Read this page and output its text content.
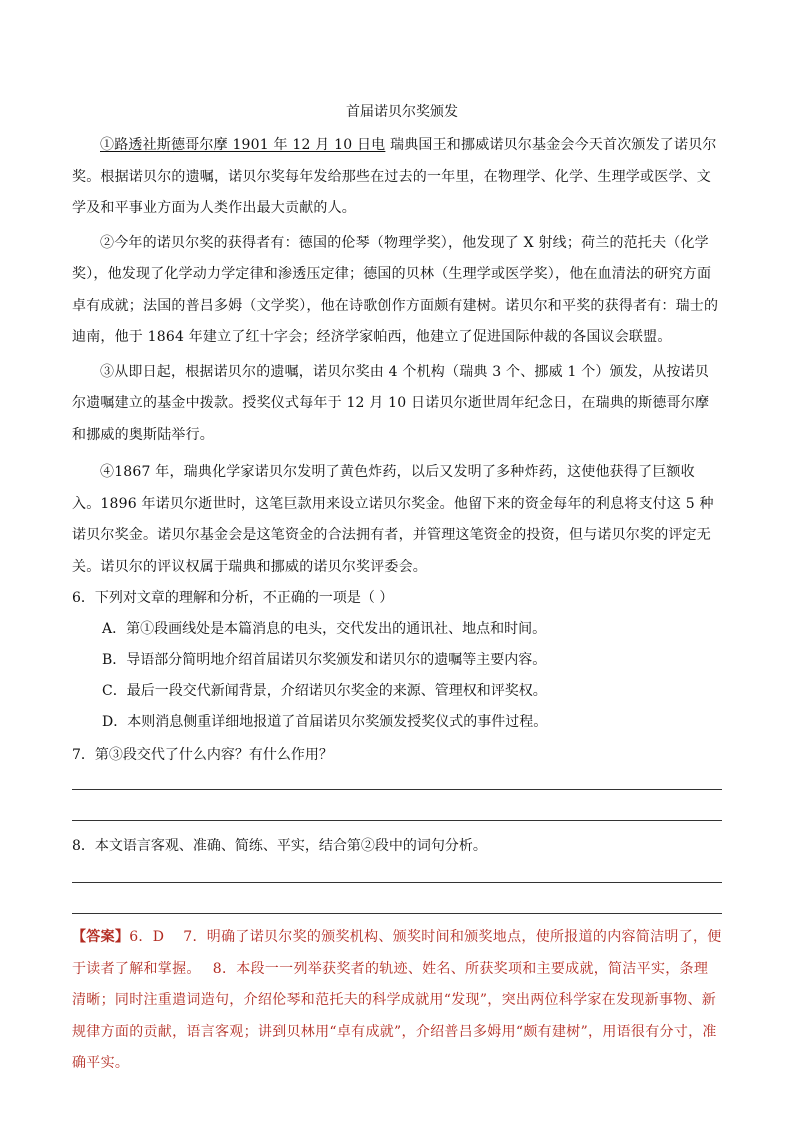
首届诺贝尔奖颁发

①路透社斯德哥尔摩 1901 年 12 月 10 日电 瑞典国王和挪威诺贝尔基金会今天首次颁发了诺贝尔奖。根据诺贝尔的遗嘱，诺贝尔奖每年发给那些在过去的一年里，在物理学、化学、生理学或医学、文学及和平事业方面为人类作出最大贡献的人。

②今年的诺贝尔奖的获得者有：德国的伦琴（物理学奖），他发现了 X 射线；荷兰的范托夫（化学奖），他发现了化学动力学定律和渗透压定律；德国的贝林（生理学或医学奖），他在血清法的研究方面卓有成就；法国的普吕多姆（文学奖），他在诗歌创作方面颇有建树。诺贝尔和平奖的获得者有：瑞士的迪南，他于 1864 年建立了红十字会；经济学家帕西，他建立了促进国际仲裁的各国议会联盟。

③从即日起，根据诺贝尔的遗嘱，诺贝尔奖由 4 个机构（瑞典 3 个、挪威 1 个）颁发，从按诺贝尔遗嘱建立的基金中拨款。授奖仪式每年于 12 月 10 日诺贝尔逝世周年纪念日，在瑞典的斯德哥尔摩和挪威的奥斯陆举行。

④1867 年，瑞典化学家诺贝尔发明了黄色炸药，以后又发明了多种炸药，这使他获得了巨额收入。1896 年诺贝尔逝世时，这笔巨款用来设立诺贝尔奖金。他留下来的资金每年的利息将支付这 5 种诺贝尔奖金。诺贝尔基金会是这笔资金的合法拥有者，并管理这笔资金的投资，但与诺贝尔奖的评定无关。诺贝尔的评议权属于瑞典和挪威的诺贝尔奖评委会。

6．下列对文章的理解和分析，不正确的一项是（ ）

A．第①段画线处是本篇消息的电头，交代发出的通讯社、地点和时间。

B．导语部分简明地介绍首届诺贝尔奖颁发和诺贝尔的遗嘱等主要内容。

C．最后一段交代新闻背景，介绍诺贝尔奖金的来源、管理权和评奖权。

D．本则消息侧重详细地报道了首届诺贝尔奖颁发授奖仪式的事件过程。

7．第③段交代了什么内容？有什么作用？

8．本文语言客观、准确、简练、平实，结合第②段中的词句分析。

【答案】6．D　 7．明确了诺贝尔奖的颁奖机构、颁奖时间和颁奖地点，使所报道的内容简洁明了，便于读者了解和掌握。　 8．本段一一列举获奖者的轨迹、姓名、所获奖项和主要成就，简洁平实，条理清晰；同时注重遣词造句，介绍伦琴和范托夫的科学成就用“发现”，突出两位科学家在发现新事物、新规律方面的贡献，语言客观；讲到贝林用“卓有成就”，介绍普吕多姆用“颇有建树”，用语很有分寸，准确平实。
